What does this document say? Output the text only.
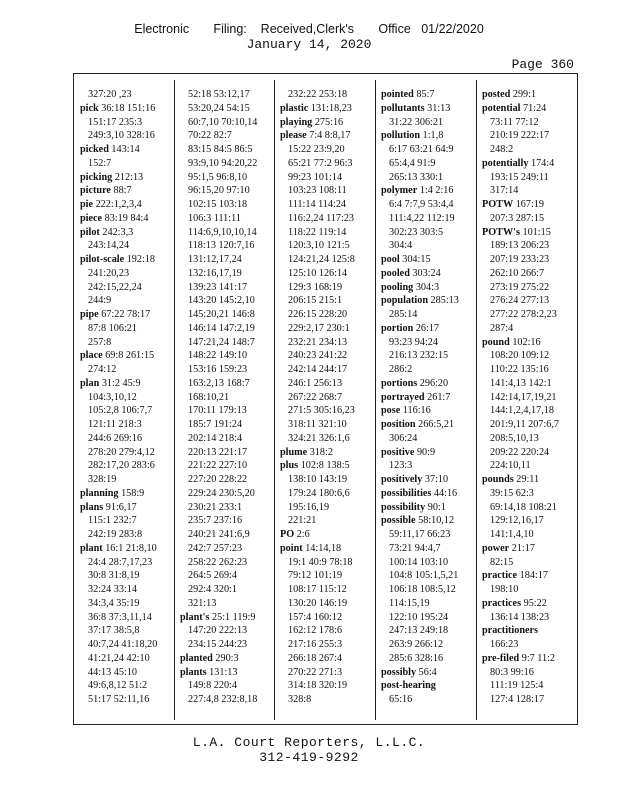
Electronic       Filing:    Received,Clerk's       Office   01/22/2020
January 14, 2020
Page 360
327:20 ,23
pick 36:18 151:16
151:17 235:3
249:3,10 328:16
picked 143:14
152:7
picking 212:13
picture 88:7
pie 222:1,2,3,4
piece 83:19 84:4
pilot 242:3,3
243:14,24
pilot-scale 192:18
241:20,23
242:15,22,24
244:9
pipe 67:22 78:17
87:8 106:21
257:8
place 69:8 261:15
274:12
plan 31:2 45:9
104:3,10,12
105:2,8 106:7,7
121:11 218:3
244:6 269:16
278:20 279:4,12
282:17,20 283:6
328:19
planning 158:9
plans 91:6,17
115:1 232:7
242:19 283:8
plant 16:1 21:8,10
24:4 28:7,17,23
30:8 31:8,19
32:24 33:14
34:3,4 35:19
36:8 37:3,11,14
37:17 38:5,8
40:7,24 41:18,20
41:21,24 42:10
44:13 45:10
49:6,8,12 51:2
51:17 52:11,16
52:18 53:12,17
53:20,24 54:15
60:7,10 70:10,14
70:22 82:7
83:15 84:5 86:5
93:9,10 94:20,22
95:1,5 96:8,10
96:15,20 97:10
102:15 103:18
106:3 111:11
114:6,9,10,10,14
118:13 120:7,16
131:12,17,24
132:16,17,19
139:23 141:17
143:20 145:2,10
145:20,21 146:8
146:14 147:2,19
147:21,24 148:7
148:22 149:10
153:16 159:23
163:2,13 168:7
168:10,21
170:11 179:13
185:7 191:24
202:14 218:4
220:13 221:17
221:22 227:10
227:20 228:22
229:24 230:5,20
230:21 233:1
235:7 237:16
240:21 241:6,9
242:7 257:23
258:22 262:23
264:5 269:4
292:4 320:1
321:13
plant's 25:1 119:9
147:20 222:13
234:15 244:23
planted 290:3
plants 131:13
149:8 220:4
227:4,8 232:8,18
232:22 253:18
plastic 131:18,23
playing 275:16
please 7:4 8:8,17
15:22 23:9,20
65:21 77:2 96:3
99:23 101:14
103:23 108:11
111:14 114:24
116:2,24 117:23
118:22 119:14
120:3,10 121:5
124:21,24 125:8
125:10 126:14
129:3 168:19
206:15 215:1
226:15 228:20
229:2,17 230:1
232:21 234:13
240:23 241:22
242:14 244:17
246:1 256:13
267:22 268:7
271:5 305:16,23
318:11 321:10
324:21 326:1,6
plume 318:2
plus 102:8 138:5
138:10 143:19
179:24 180:6,6
195:16,19
221:21
PO 2:6
point 14:14,18
19:1 40:9 78:18
79:12 101:19
108:17 115:12
130:20 146:19
157:4 160:12
162:12 178:6
217:16 255:3
266:18 267:4
270:22 271:3
314:18 320:19
328:8
pointed 85:7
pollutants 31:13
31:22 306:21
pollution 1:1,8
6:17 63:21 64:9
65:4,4 91:9
265:13 330:1
polymer 1:4 2:16
6:4 7:7,9 53:4,4
111:4,22 112:19
302:23 303:5
304:4
pool 304:15
pooled 303:24
pooling 304:3
population 285:13
285:14
portion 26:17
93:23 94:24
216:13 232:15
286:2
portions 296:20
portrayed 261:7
pose 116:16
position 266:5,21
306:24
positive 90:9
123:3
positively 37:10
possibilities 44:16
possibility 90:1
possible 58:10,12
59:11,17 66:23
73:21 94:4,7
100:14 103:10
104:8 105:1,5,21
106:18 108:5,12
114:15,19
122:10 195:24
247:13 249:18
263:9 266:12
285:6 328:16
possibly 56:4
post-hearing
65:16
posted 299:1
potential 71:24
73:11 77:12
210:19 222:17
248:2
potentially 174:4
193:15 249:11
317:14
POTW 167:19
207:3 287:15
POTW's 101:15
189:13 206:23
207:19 233:23
262:10 266:7
273:19 275:22
276:24 277:13
277:22 278:2,23
287:4
pound 102:16
108:20 109:12
110:22 135:16
141:4,13 142:1
142:14,17,19,21
144:1,2,4,17,18
201:9,11 207:6,7
208:5,10,13
209:22 220:24
224:10,11
pounds 29:11
39:15 62:3
69:14,18 108:21
129:12,16,17
141:1,4,10
power 21:17
82:15
practice 184:17
198:10
practices 95:22
136:14 138:23
practitioners
166:23
pre-filed 9:7 11:2
80:3 99:16
111:19 125:4
127:4 128:17
L.A. Court Reporters, L.L.C.
312-419-9292
